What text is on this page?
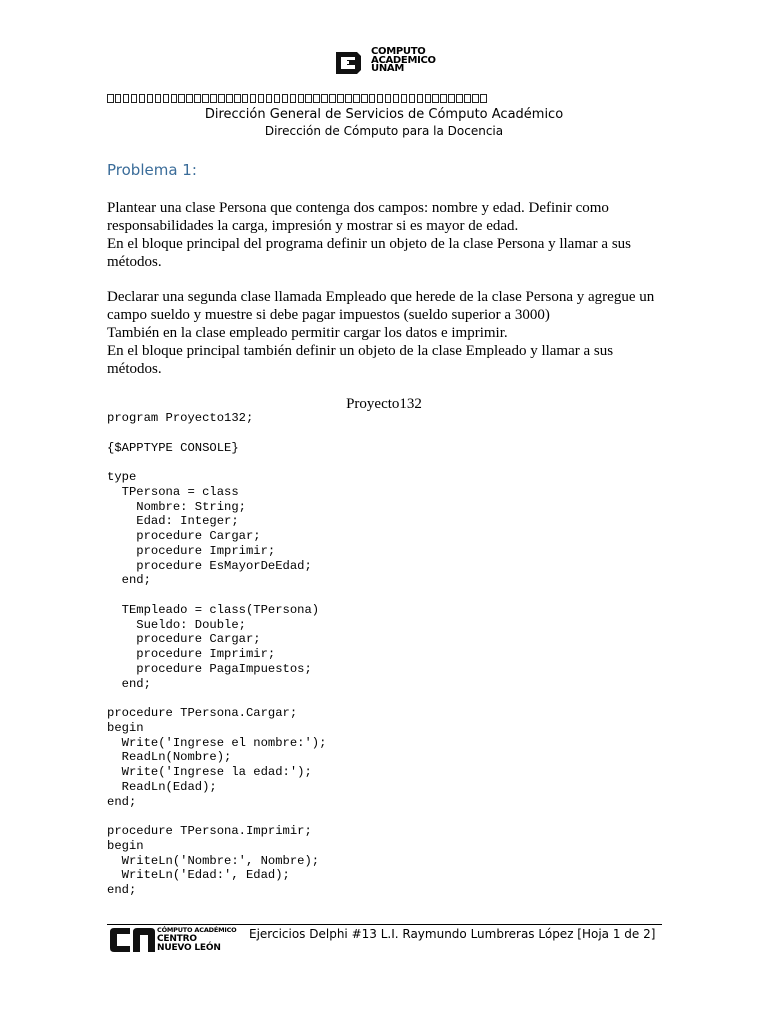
COMPUTO
ACADEMICO
UNAM
Dirección General de Servicios de Cómputo Académico
Dirección de Cómputo para la Docencia
Problema 1:
Plantear una clase Persona que contenga dos campos: nombre y edad. Definir como
responsabilidades la carga, impresión y mostrar si es mayor de edad.
En el bloque principal del programa definir un objeto de la clase Persona y llamar a sus
métodos.
Declarar una segunda clase llamada Empleado que herede de la clase Persona y agregue un
campo sueldo y muestre si debe pagar impuestos (sueldo superior a 3000)
También en la clase empleado permitir cargar los datos e imprimir.
En el bloque principal también definir un objeto de la clase Empleado y llamar a sus
métodos.
Proyecto132
program Proyecto132;

{$APPTYPE CONSOLE}

type
TPersona = class
Nombre: String;
Edad: Integer;
procedure Cargar;
procedure Imprimir;
procedure EsMayorDeEdad;
end;

TEmpleado = class(TPersona)
Sueldo: Double;
procedure Cargar;
procedure Imprimir;
procedure PagaImpuestos;
end;

procedure TPersona.Cargar;
begin
Write('Ingrese el nombre:');
ReadLn(Nombre);
Write('Ingrese la edad:');
ReadLn(Edad);
end;

procedure TPersona.Imprimir;
begin
WriteLn('Nombre:', Nombre);
WriteLn('Edad:', Edad);
end;
CÓMPUTO ACADÉMICO
CENTRO
NUEVO LEÓN
Ejercicios Delphi #13 L.I. Raymundo Lumbreras López [Hoja 1 de 2]
